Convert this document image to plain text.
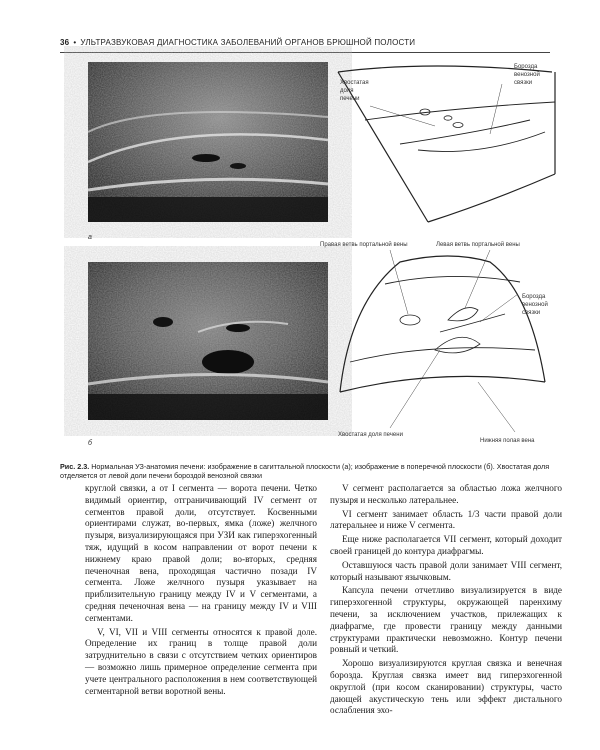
36 • УЛЬТРАЗВУКОВАЯ ДИАГНОСТИКА ЗАБОЛЕВАНИЙ ОРГАНОВ БРЮШНОЙ ПОЛОСТИ
Хвостатая
доля
печени
Борозда
венозной
связки
а
Правая ветвь портальной вены	Левая ветвь портальной вены
Борозда
венозной
связки
Хвостатая доля печени
Нижняя полая вена
б
Рис. 2.3. Нормальная УЗ-анатомия печени: изображение в сагиттальной плоскости (а); изображение в поперечной плоскости (б). Хвостатая доля отделяется от левой доли печени бороздой венозной связки

круглой связки, а от I сегмента — ворота печени. Четко видимый ориентир, отграничивающий IV сегмент от сегментов правой доли, отсутствует. Косвенными ориентирами служат, во-первых, ямка (ложе) желчного пузыря, визуализирующаяся при УЗИ как гиперэхогенный тяж, идущий в косом направлении от ворот печени к нижнему краю правой доли; во-вторых, средняя печеночная вена, проходящая частично позади IV сегмента. Ложе желчного пузыря указывает на приблизительную границу между IV и V сегментами, а средняя печеночная вена — на границу между IV и VIII сегментами.

V, VI, VII и VIII сегменты относятся к правой доле. Определение их границ в толще правой доли затруднительно в связи с отсутствием четких ориентиров — возможно лишь примерное определение сегмента при учете центрального расположения в нем соответствующей сегментарной ветви воротной вены.

V сегмент располагается за областью ложа желчного пузыря и несколько латеральнее.

VI сегмент занимает область 1/3 части правой доли латеральнее и ниже V сегмента.

Еще ниже располагается VII сегмент, который доходит своей границей до контура диафрагмы.

Оставшуюся часть правой доли занимает VIII сегмент, который называют язычковым.

Капсула печени отчетливо визуализируется в виде гиперэхогенной структуры, окружающей паренхиму печени, за исключением участков, прилежащих к диафрагме, где провести границу между данными структурами практически невозможно. Контур печени ровный и четкий.

Хорошо визуализируются круглая связка и венечная борозда. Круглая связка имеет вид гиперэхогенной округлой (при косом сканировании) структуры, часто дающей акустическую тень или эффект дистального ослабления эхо-
